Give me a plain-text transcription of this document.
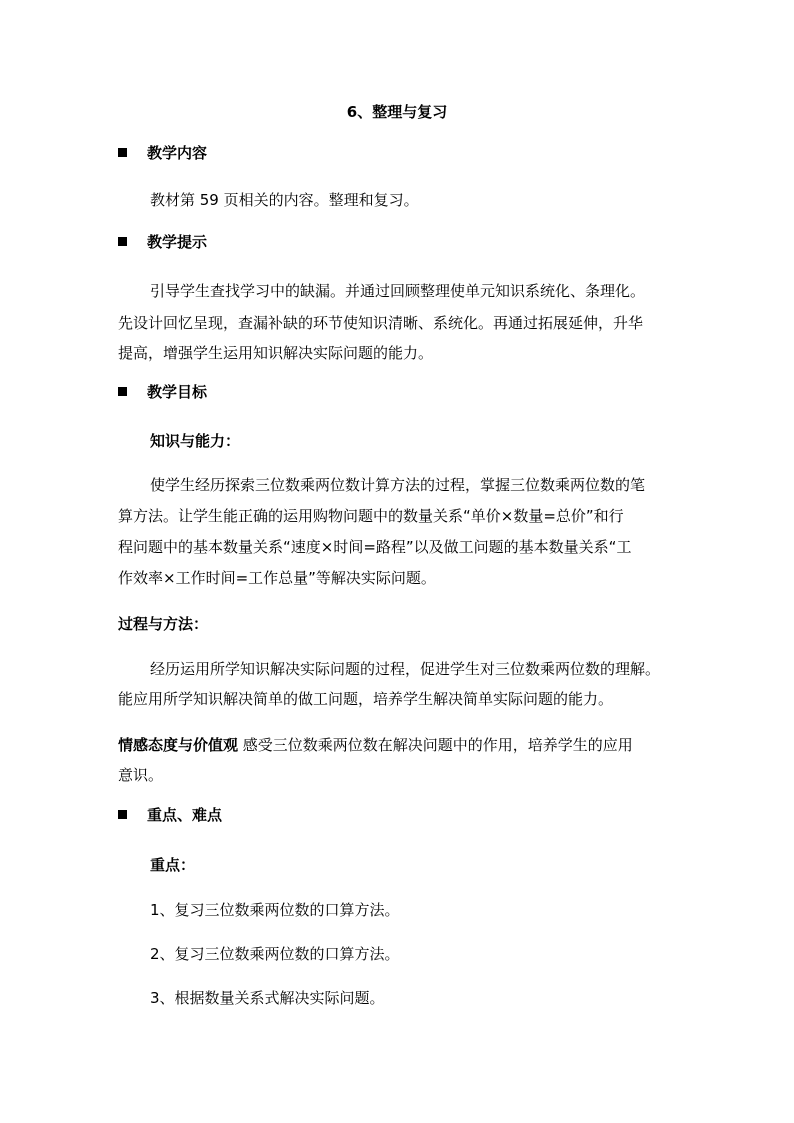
6、整理与复习
教学内容
教材第 59 页相关的内容。整理和复习。
教学提示
引导学生查找学习中的缺漏。并通过回顾整理使单元知识系统化、条理化。
先设计回忆呈现，查漏补缺的环节使知识清晰、系统化。再通过拓展延伸，升华
提高，增强学生运用知识解决实际问题的能力。
教学目标
知识与能力：
使学生经历探索三位数乘两位数计算方法的过程，掌握三位数乘两位数的笔
算方法。让学生能正确的运用购物问题中的数量关系“单价×数量=总价”和行
程问题中的基本数量关系“速度×时间=路程”以及做工问题的基本数量关系“工
作效率×工作时间=工作总量”等解决实际问题。
过程与方法：
经历运用所学知识解决实际问题的过程，促进学生对三位数乘两位数的理解。
能应用所学知识解决简单的做工问题，培养学生解决简单实际问题的能力。
情感态度与价值观 感受三位数乘两位数在解决问题中的作用，培养学生的应用
意识。
重点、难点
重点：
1、复习三位数乘两位数的口算方法。
2、复习三位数乘两位数的口算方法。
3、根据数量关系式解决实际问题。
